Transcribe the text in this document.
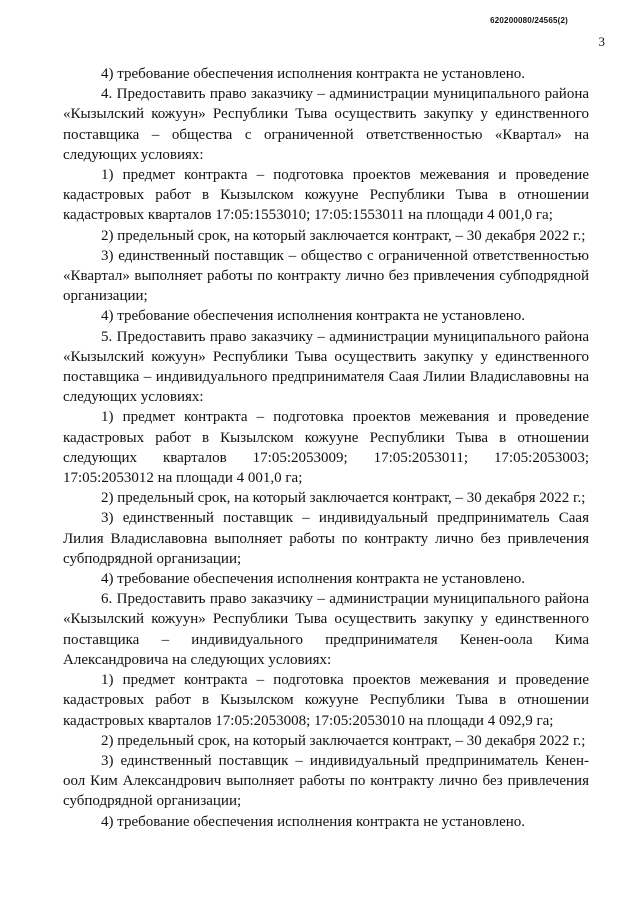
620200080/24565(2)
3

4) требование обеспечения исполнения контракта не установлено.

4. Предоставить право заказчику – администрации муниципального района «Кызылский кожуун» Республики Тыва осуществить закупку у единственного поставщика – общества с ограниченной ответственностью «Квартал» на следующих условиях:

1) предмет контракта – подготовка проектов межевания и проведение кадастровых работ в Кызылском кожууне Республики Тыва в отношении кадастровых кварталов 17:05:1553010; 17:05:1553011 на площади 4 001,0 га;

2) предельный срок, на который заключается контракт, – 30 декабря 2022 г.;

3) единственный поставщик – общество с ограниченной ответственностью «Квартал» выполняет работы по контракту лично без привлечения субподрядной организации;

4) требование обеспечения исполнения контракта не установлено.

5. Предоставить право заказчику – администрации муниципального района «Кызылский кожуун» Республики Тыва осуществить закупку у единственного поставщика – индивидуального предпринимателя Саая Лилии Владиславовны на следующих условиях:

1) предмет контракта – подготовка проектов межевания и проведение кадастровых работ в Кызылском кожууне Республики Тыва в отношении следующих кварталов 17:05:2053009; 17:05:2053011; 17:05:2053003; 17:05:2053012 на площади 4 001,0 га;

2) предельный срок, на который заключается контракт, – 30 декабря 2022 г.;

3) единственный поставщик – индивидуальный предприниматель Саая Лилия Владиславовна выполняет работы по контракту лично без привлечения субподрядной организации;

4) требование обеспечения исполнения контракта не установлено.

6. Предоставить право заказчику – администрации муниципального района «Кызылский кожуун» Республики Тыва осуществить закупку у единственного поставщика – индивидуального предпринимателя Кенен-оола Кима Александровича на следующих условиях:

1) предмет контракта – подготовка проектов межевания и проведение кадастровых работ в Кызылском кожууне Республики Тыва в отношении кадастровых кварталов 17:05:2053008; 17:05:2053010 на площади 4 092,9 га;

2) предельный срок, на который заключается контракт, – 30 декабря 2022 г.;

3) единственный поставщик – индивидуальный предприниматель Кенен-оол Ким Александрович выполняет работы по контракту лично без привлечения субподрядной организации;

4) требование обеспечения исполнения контракта не установлено.
